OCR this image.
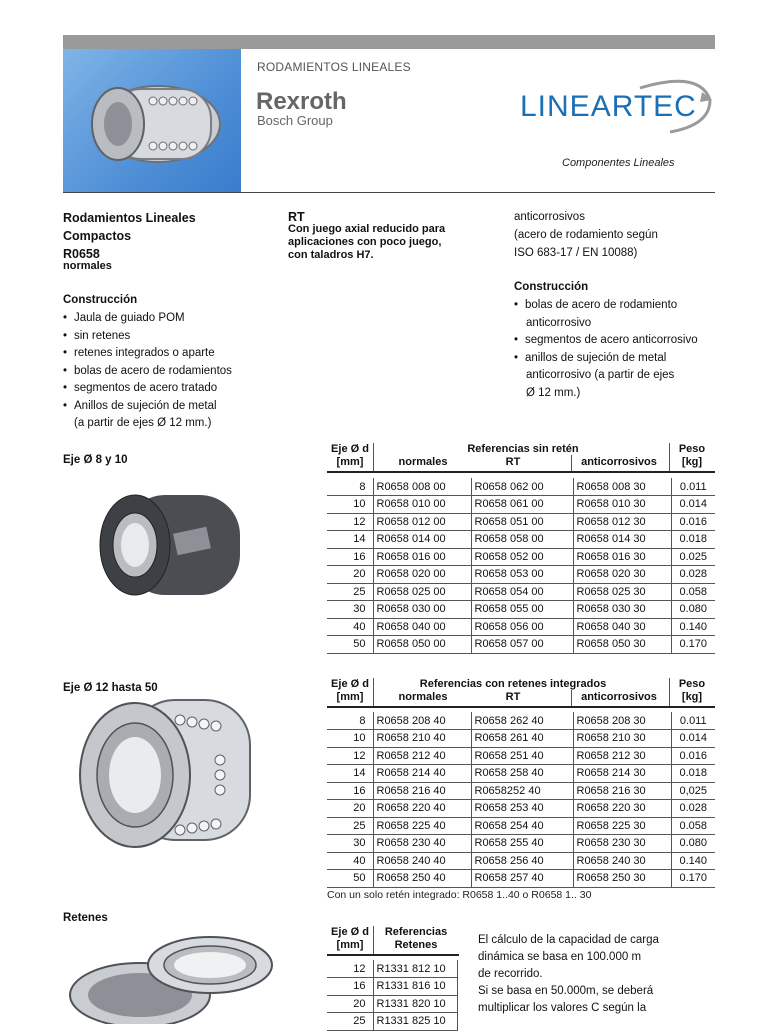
RODAMIENTOS LINEALES
Rexroth
Bosch Group	LINEARTEC
Componentes Lineales
Rodamientos Lineales
Compactos
R0658
normales
Construcción
• Jaula de guiado POM
• sin retenes
• retenes integrados o aparte
• bolas de acero de rodamientos
• segmentos de acero tratado
• Anillos de sujeción de metal
(a partir de ejes Ø 12 mm.)
Eje Ø 8 y 10
Eje Ø 12 hasta 50
Retenes
RT
Con juego axial reducido para
aplicaciones con poco juego,
con taladros H7.
anticorrosivos
(acero de rodamiento según
ISO 683-17 / EN 10088)
Construcción
• bolas de acero de rodamiento
anticorrosivo
• segmentos de acero anticorrosivo
• anillos de sujeción de metal
anticorrosivo (a partir de ejes
Ø 12 mm.)
Eje Ø d
[mm]
Referencias sin retén
normales	RT	anticorrosivos
Peso
[kg]
8	R0658 008 00	R0658 062 00	R0658 008 30	0.011
10	R0658 010 00	R0658 061 00	R0658 010 30	0.014
12	R0658 012 00	R0658 051 00	R0658 012 30	0.016
14	R0658 014 00	R0658 058 00	R0658 014 30	0.018
16	R0658 016 00	R0658 052 00	R0658 016 30	0.025
20	R0658 020 00	R0658 053 00	R0658 020 30	0.028
25	R0658 025 00	R0658 054 00	R0658 025 30	0.058
30	R0658 030 00	R0658 055 00	R0658 030 30	0.080
40	R0658 040 00	R0658 056 00	R0658 040 30	0.140
50	R0658 050 00	R0658 057 00	R0658 050 30	0.170
Eje Ø d
[mm]
Referencias con retenes integrados
normales	RT	anticorrosivos
Peso
[kg]
8	R0658 208 40	R0658 262 40	R0658 208 30	0.011
10	R0658 210 40	R0658 261 40	R0658 210 30	0.014
12	R0658 212 40	R0658 251 40	R0658 212 30	0.016
14	R0658 214 40	R0658 258 40	R0658 214 30	0.018
16	R0658 216 40	R0658252 40	R0658 216 30	0,025
20	R0658 220 40	R0658 253 40	R0658 220 30	0.028
25	R0658 225 40	R0658 254 40	R0658 225 30	0.058
30	R0658 230 40	R0658 255 40	R0658 230 30	0.080
40	R0658 240 40	R0658 256 40	R0658 240 30	0.140
50	R0658 250 40	R0658 257 40	R0658 250 30	0.170
Con un solo retén integrado: R0658 1..40 o R0658 1.. 30
Eje Ø d
[mm]
Referencias
Retenes
12	R1331 812 10
16	R1331 816 10
20	R1331 820 10
25	R1331 825 10
El cálculo de la capacidad de carga
dinámica se basa en 100.000 m
de recorrido.
Si se basa en 50.000m, se deberá
multiplicar los valores C según la
